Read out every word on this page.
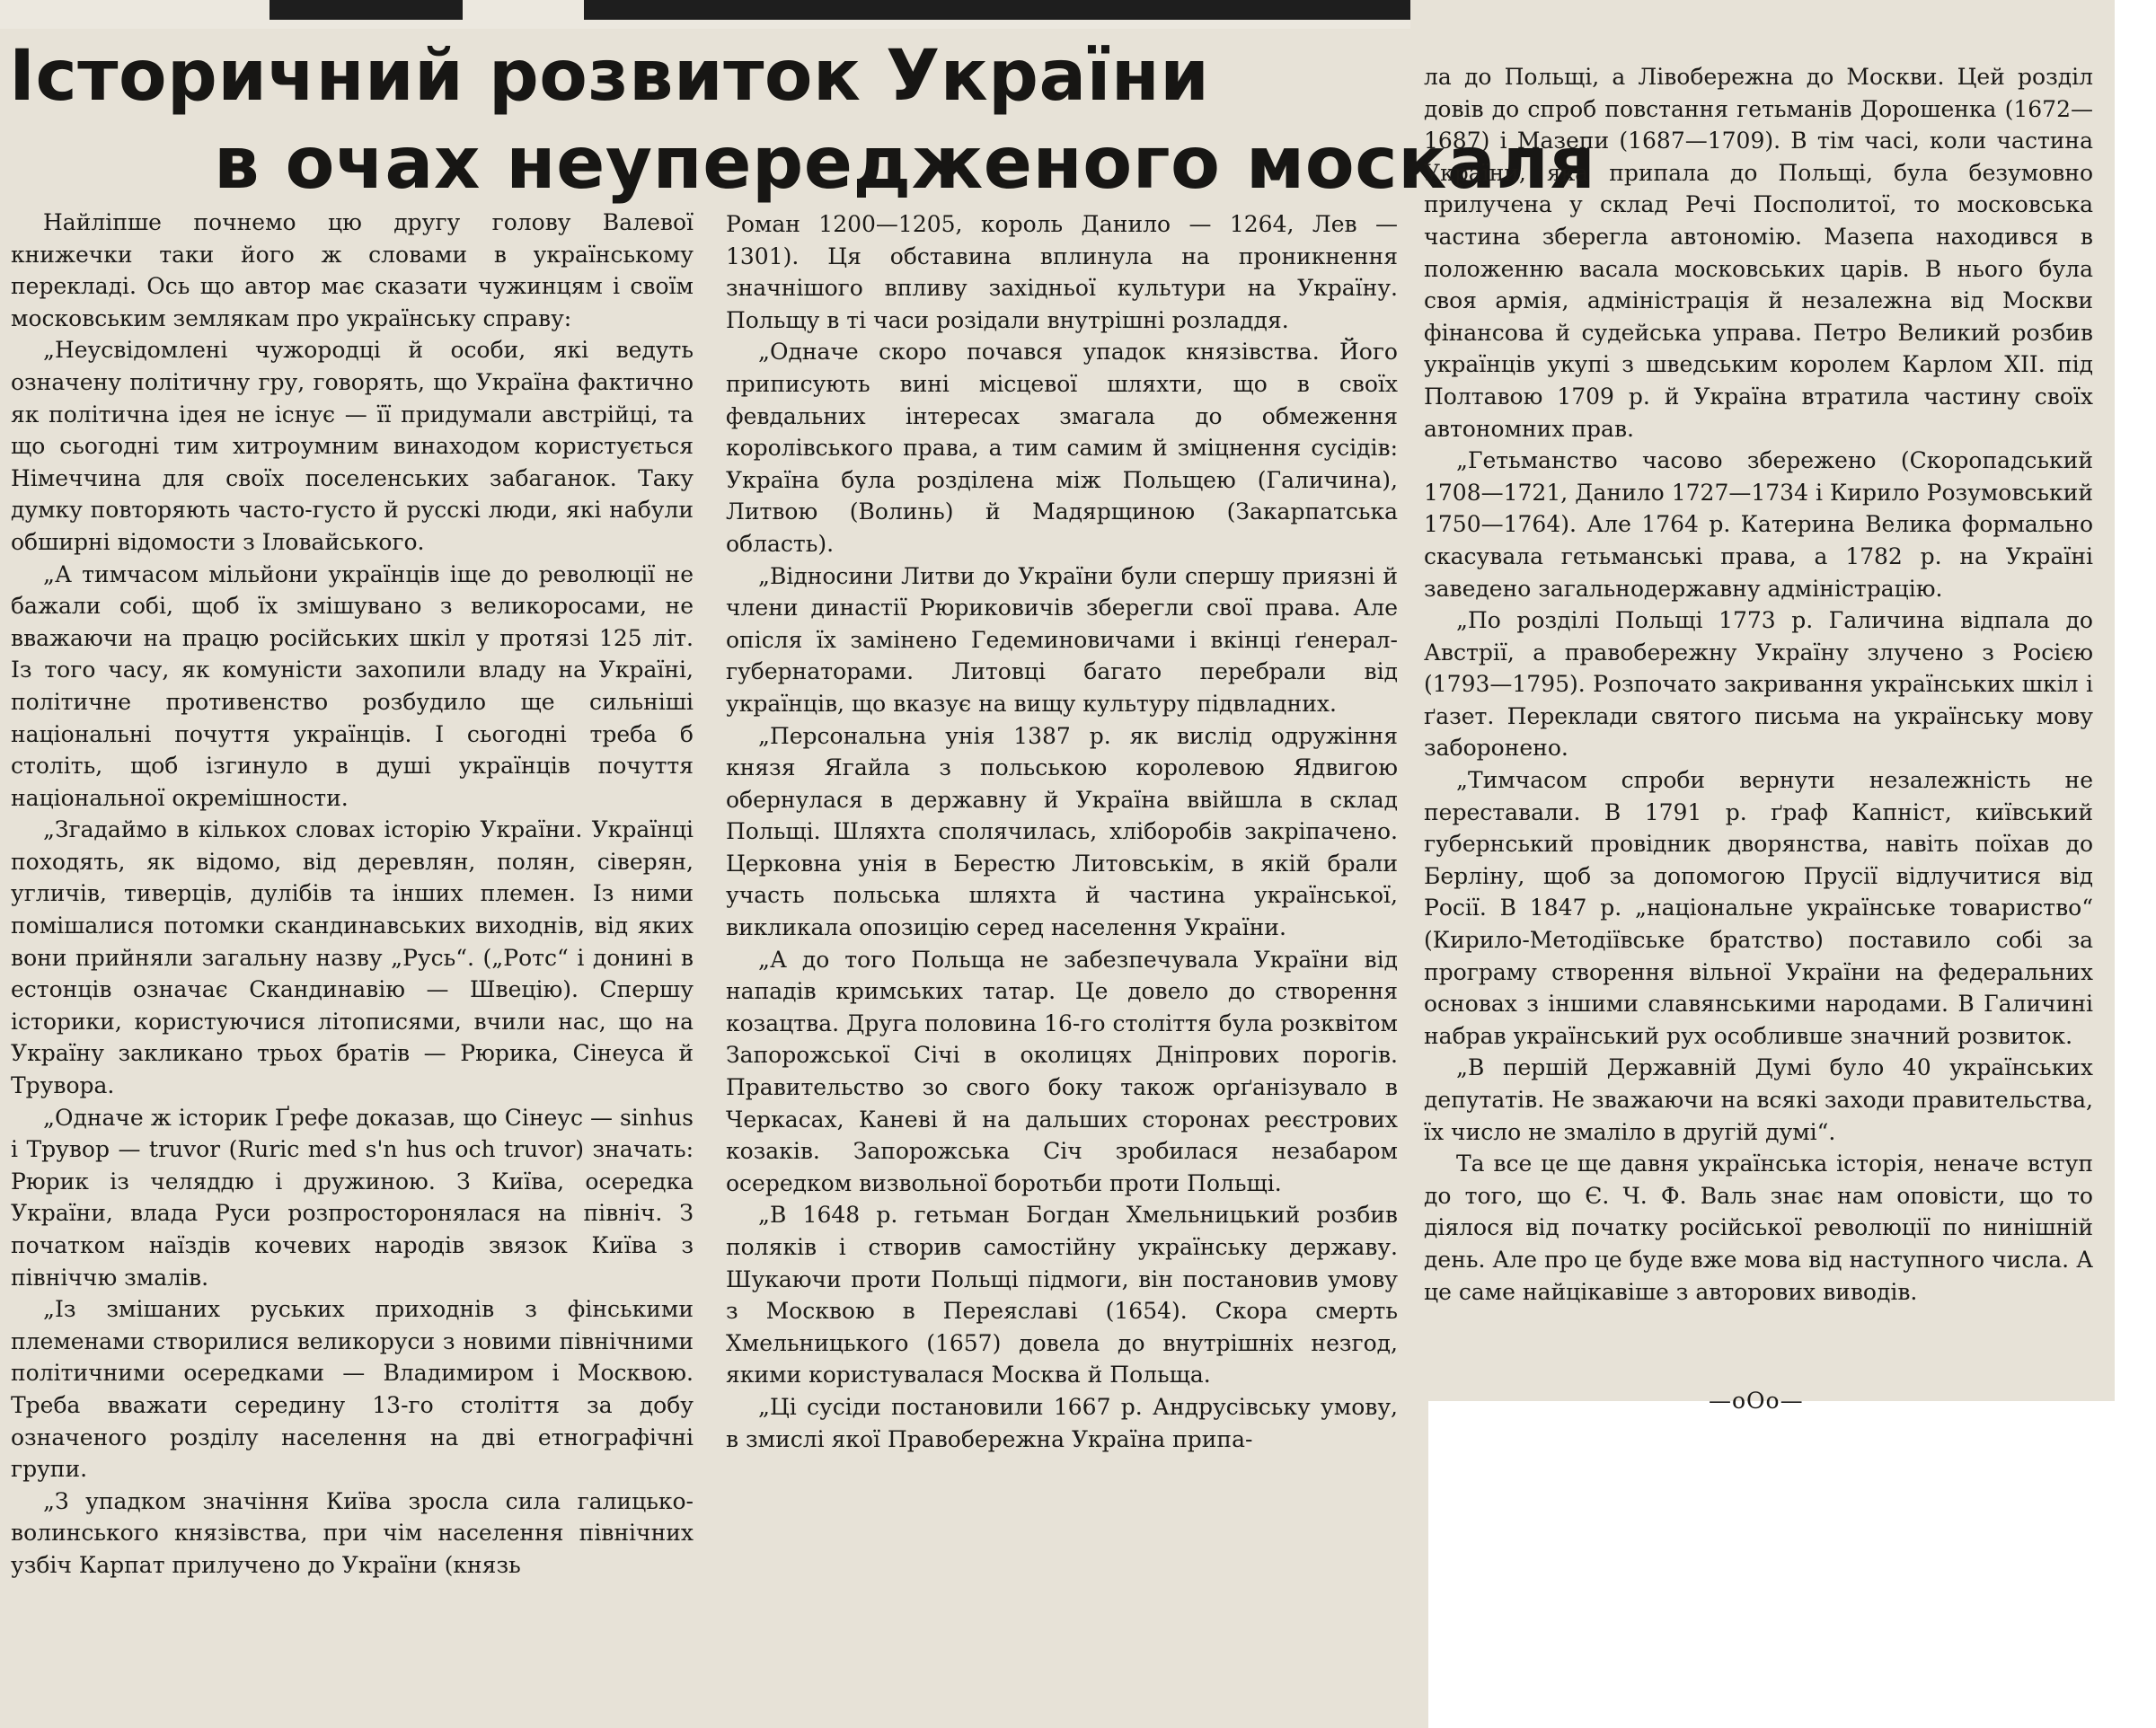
Історичний розвиток України
в очах неупередженого москаля

Найліпше почнемо цю другу голову Валевої книжечки таки його ж словами в українському перекладі. Ось що автор має сказати чужинцям і своїм московським землякам про українську справу:

„Неусвідомлені чужородці й особи, які ведуть означену політичну гру, говорять, що Україна фактично як політична ідея не існує — її придумали австрійці, та що сьогодні тим хитроумним винаходом користується Німеччина для своїх поселенських забаганок. Таку думку повторяють часто-густо й русскі люди, які набули обширні відомости з Іловайського.

„А тимчасом мільйони українців іще до революції не бажали собі, щоб їх змішувано з великоросами, не вважаючи на працю російських шкіл у протязі 125 літ. Із того часу, як комуністи захопили владу на Україні, політичне противенство розбудило ще сильніші національні почуття українців. І сьогодні треба б століть, щоб ізгинуло в душі українців почуття національної окремішности.

„Згадаймо в кількох словах історію України. Українці походять, як відомо, від деревлян, полян, сіверян, угличів, тиверців, дулібів та інших племен. Із ними помішалися потомки скандинавських виходнів, від яких вони прийняли загальну назву „Русь“. („Ротс“ і донині в естонців означає Скандинавію — Швецію). Спершу історики, користуючися літописями, вчили нас, що на Україну закликано трьох братів — Рюрика, Сінеуса й Трувора.

„Одначе ж історик Ґрефе доказав, що Сінеус — sinhus і Трувор — truvor (Ruric med s'n hus och truvor) значать: Рюрик із челяддю і дружиною. З Київа, осередка України, влада Руси розпросторонялася на північ. З початком наїздів кочевих народів звязок Київа з північчю змалів.

„Із змішаних руських приходнів з фінськими племенами створилися великоруси з новими північними політичними осередками — Владимиром і Москвою. Треба вважати середину 13-го століття за добу означеного розділу населення на дві етнографічні групи.

„З упадком значіння Київа зросла сила галицько-волинського князівства, при чім населення північних узбіч Карпат прилучено до України (князь

Роман 1200—1205, король Данило — 1264, Лев — 1301). Ця обставина вплинула на проникнення значнішого впливу західньої культури на Україну. Польщу в ті часи розідали внутрішні розладдя.

„Одначе скоро почався упадок князівства. Його приписують вині місцевої шляхти, що в своїх февдальних інтересах змагала до обмеження королівського права, а тим самим й зміцнення сусідів: Україна була розділена між Польщею (Галичина), Литвою (Волинь) й Мадярщиною (Закарпатська область).

„Відносини Литви до України були спершу приязні й члени династії Рюриковичів зберегли свої права. Але опісля їх замінено Гедеминовичами і вкінці ґенерал-губернаторами. Литовці багато перебрали від українців, що вказує на вищу культуру підвладних.

„Персональна унія 1387 р. як вислід одружіння князя Ягайла з польською королевою Ядвигою обернулася в державну й Україна ввійшла в склад Польщі. Шляхта сполячилась, хліборобів закріпачено. Церковна унія в Берестю Литовськім, в якій брали участь польська шляхта й частина української, викликала опозицію серед населення України.

„А до того Польща не забезпечувала України від нападів кримських татар. Це довело до створення козацтва. Друга половина 16-го століття була розквітом Запорожської Січі в околицях Дніпрових порогів. Правительство зо свого боку також орґанізувало в Черкасах, Каневі й на дальших сторонах реєстрових козаків. Запорожська Січ зробилася незабаром осередком визвольної боротьби проти Польщі.

„В 1648 р. гетьман Богдан Хмельницький розбив поляків і створив самостійну українську державу. Шукаючи проти Польщі підмоги, він постановив умову з Москвою в Переяславі (1654). Скора смерть Хмельницького (1657) довела до внутрішніх незгод, якими користувалася Москва й Польща.

„Ці сусіди постановили 1667 р. Андрусівську умову, в змислі якої Правобережна Україна припа-

ла до Польщі, а Лівобережна до Москви. Цей розділ довів до спроб повстання гетьманів Дорошенка (1672—1687) і Мазепи (1687—1709). В тім часі, коли частина України, яка припала до Польщі, була безумовно прилучена у склад Речі Посполитої, то московська частина зберегла автономію. Мазепа находився в положенню васала московських царів. В нього була своя армія, адміністрація й незалежна від Москви фінансова й судейська управа. Петро Великий розбив українців укупі з шведським королем Карлом XII. під Полтавою 1709 р. й Україна втратила частину своїх автономних прав.

„Гетьманство часово збережено (Скоропадський 1708—1721, Данило 1727—1734 і Кирило Розумовський 1750—1764). Але 1764 р. Катерина Велика формально скасувала гетьманські права, а 1782 р. на Україні заведено загальнодержавну адміністрацію.

„По розділі Польщі 1773 р. Галичина відпала до Австрії, а правобережну Україну злучено з Росією (1793—1795). Розпочато закривання українських шкіл і ґазет. Переклади святого письма на українську мову заборонено.

„Тимчасом спроби вернути незалежність не переставали. В 1791 р. ґраф Капніст, київський губернський провідник дворянства, навіть поїхав до Берліну, щоб за допомогою Прусії відлучитися від Росії. В 1847 р. „національне українське товариство“ (Кирило-Методіївське братство) поставило собі за програму створення вільної України на федеральних основах з іншими славянськими народами. В Галичині набрав український рух особливше значний розвиток.

„В першій Державній Думі було 40 українських депутатів. Не зважаючи на всякі заходи правительства, їх число не змаліло в другій думі“.

Та все це ще давня українська історія, неначе вступ до того, що Є. Ч. Ф. Валь знає нам оповісти, що то діялося від початку російської революції по нинішній день. Але про це буде вже мова від наступного числа. А це саме найцікавіше з авторових виводів.

—оОо—
